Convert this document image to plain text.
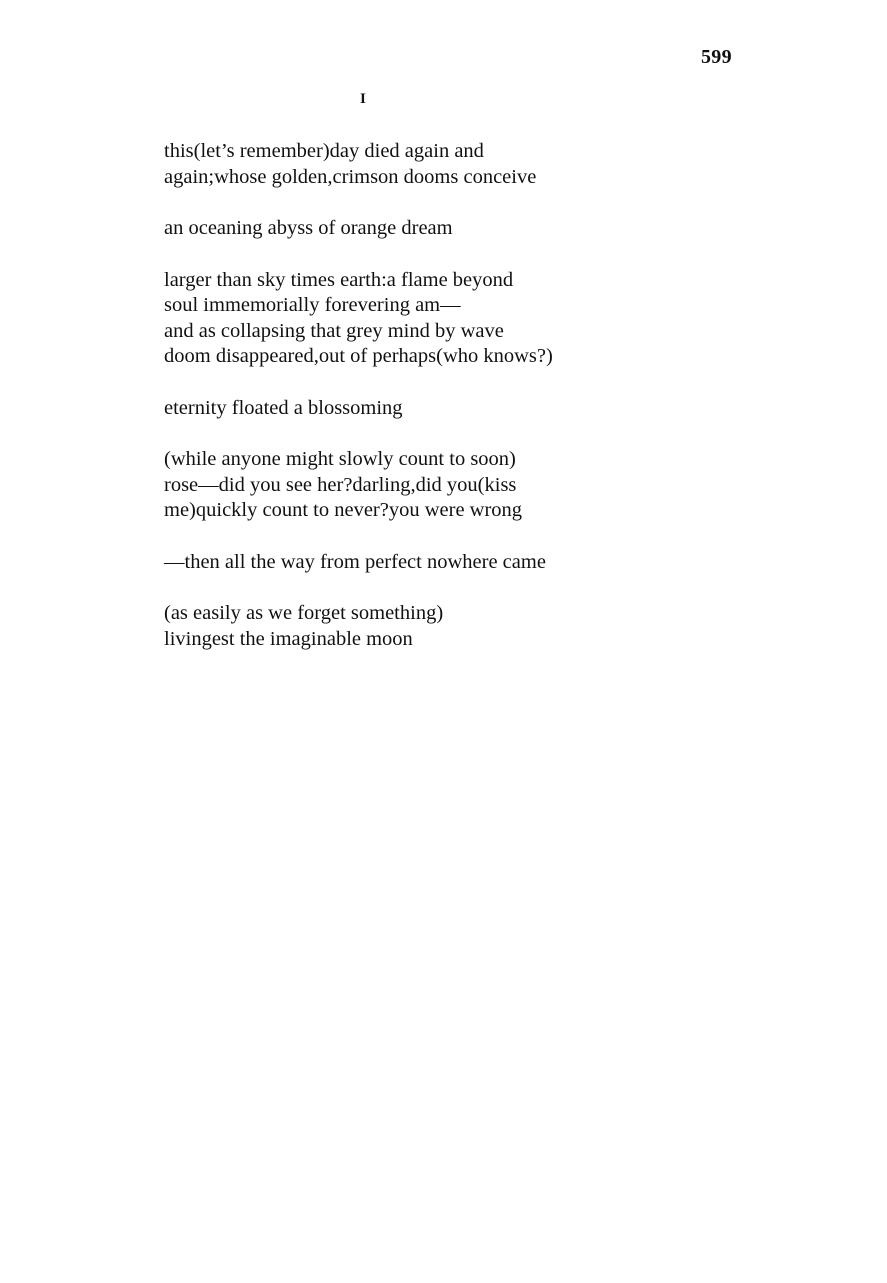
599
I
this(let’s remember)day died again and
again;whose golden,crimson dooms conceive
an oceaning abyss of orange dream
larger than sky times earth:a flame beyond
soul immemorially forevering am—
and as collapsing that grey mind by wave
doom disappeared,out of perhaps(who knows?)
eternity floated a blossoming
(while anyone might slowly count to soon)
rose—did you see her?darling,did you(kiss
me)quickly count to never?you were wrong
—then all the way from perfect nowhere came
(as easily as we forget something)
livingest the imaginable moon
